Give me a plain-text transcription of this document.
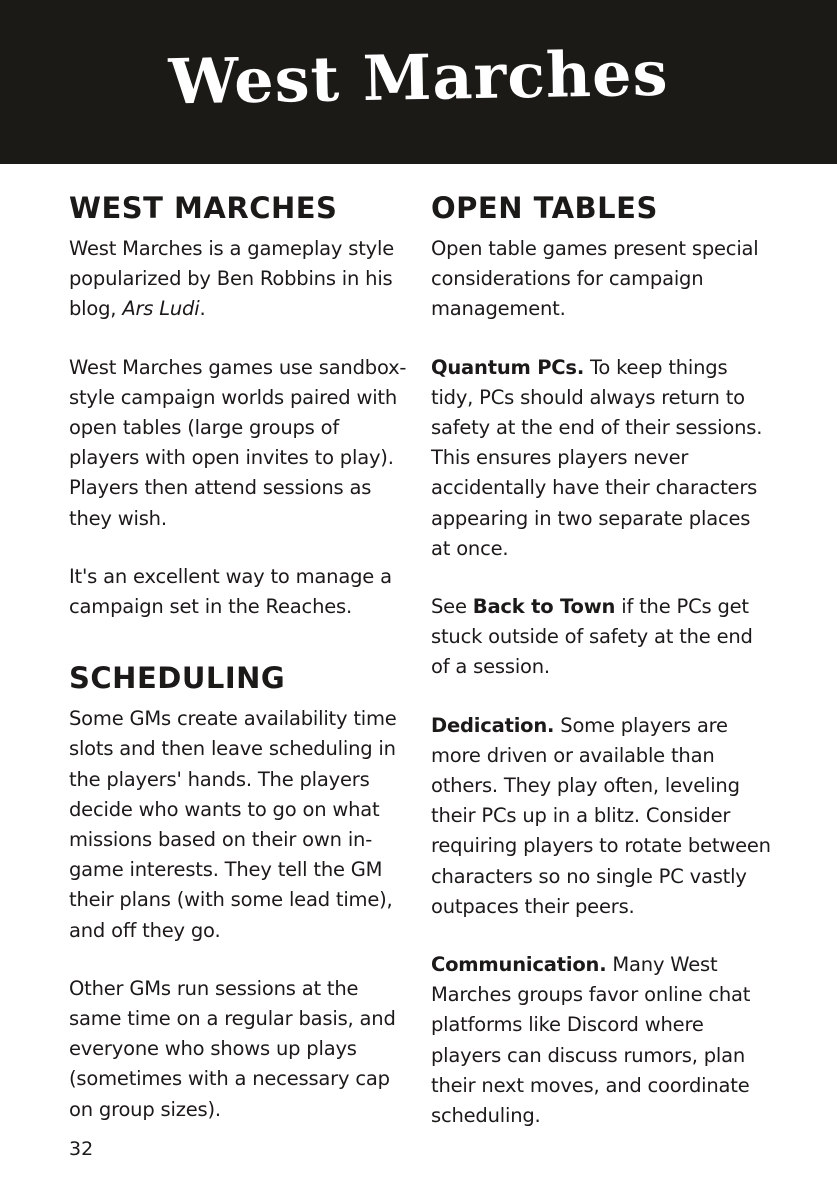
West Marches
WEST MARCHES

West Marches is a gameplay style popularized by Ben Robbins in his blog, Ars Ludi.

West Marches games use sandbox-style campaign worlds paired with open tables (large groups of players with open invites to play). Players then attend sessions as they wish.

It's an excellent way to manage a campaign set in the Reaches.

SCHEDULING

Some GMs create availability time slots and then leave scheduling in the players' hands. The players decide who wants to go on what missions based on their own in-game interests. They tell the GM their plans (with some lead time), and off they go.

Other GMs run sessions at the same time on a regular basis, and everyone who shows up plays (sometimes with a necessary cap on group sizes).

OPEN TABLES

Open table games present special considerations for campaign management.

Quantum PCs. To keep things tidy, PCs should always return to safety at the end of their sessions. This ensures players never accidentally have their characters appearing in two separate places at once.

See Back to Town if the PCs get stuck outside of safety at the end of a session.

Dedication. Some players are more driven or available than others. They play often, leveling their PCs up in a blitz. Consider requiring players to rotate between characters so no single PC vastly outpaces their peers.

Communication. Many West Marches groups favor online chat platforms like Discord where players can discuss rumors, plan their next moves, and coordinate scheduling.

32
